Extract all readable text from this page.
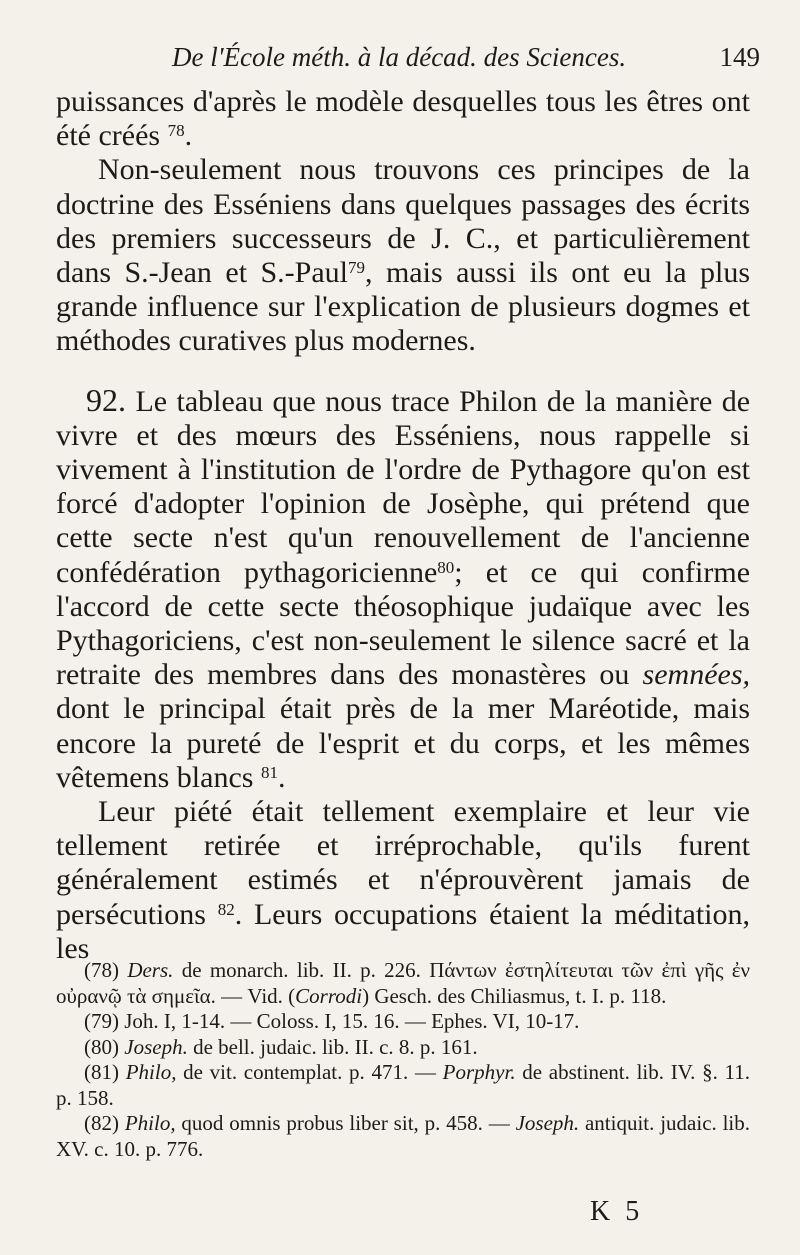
De l'École méth. à la décad. des Sciences.	149

puissances d'après le modèle desquelles tous les êtres ont été créés $^{78}$.

Non-seulement nous trouvons ces principes de la doctrine des Esséniens dans quelques passages des écrits des premiers successeurs de J. C., et particulièrement dans S.-Jean et S.-Paul$^{79}$, mais aussi ils ont eu la plus grande influence sur l'explication de plusieurs dogmes et méthodes curatives plus modernes.

92. Le tableau que nous trace Philon de la manière de vivre et des mœurs des Esséniens, nous rappelle si vivement à l'institution de l'ordre de Pythagore qu'on est forcé d'adopter l'opinion de Josèphe, qui prétend que cette secte n'est qu'un renouvellement de l'ancienne confédération pythagoricienne$^{80}$; et ce qui confirme l'accord de cette secte théosophique judaïque avec les Pythagoriciens, c'est non-seulement le silence sacré et la retraite des membres dans des monastères ou semnées, dont le principal était près de la mer Maréotide, mais encore la pureté de l'esprit et du corps, et les mêmes vêtemens blancs $^{81}$.

Leur piété était tellement exemplaire et leur vie tellement retirée et irréprochable, qu'ils furent généralement estimés et n'éprouvèrent jamais de persécutions $^{82}$. Leurs occupations étaient la méditation, les

(78) Ders. de monarch. lib. II. p. 226. Πάντων ἐστηλίτευται τῶν ἐπὶ γῆς ἐν οὐρανῷ τὰ σημεῖα. — Vid. (Corrodi) Gesch. des Chiliasmus, t. I. p. 118.

(79) Joh. I, 1-14. — Coloss. I, 15. 16. — Ephes. VI, 10-17.

(80) Joseph. de bell. judaic. lib. II. c. 8. p. 161.

(81) Philo, de vit. contemplat. p. 471. — Porphyr. de abstinent. lib. IV. §. 11. p. 158.

(82) Philo, quod omnis probus liber sit, p. 458. — Joseph. antiquit. judaic. lib. XV. c. 10. p. 776.

K 5
